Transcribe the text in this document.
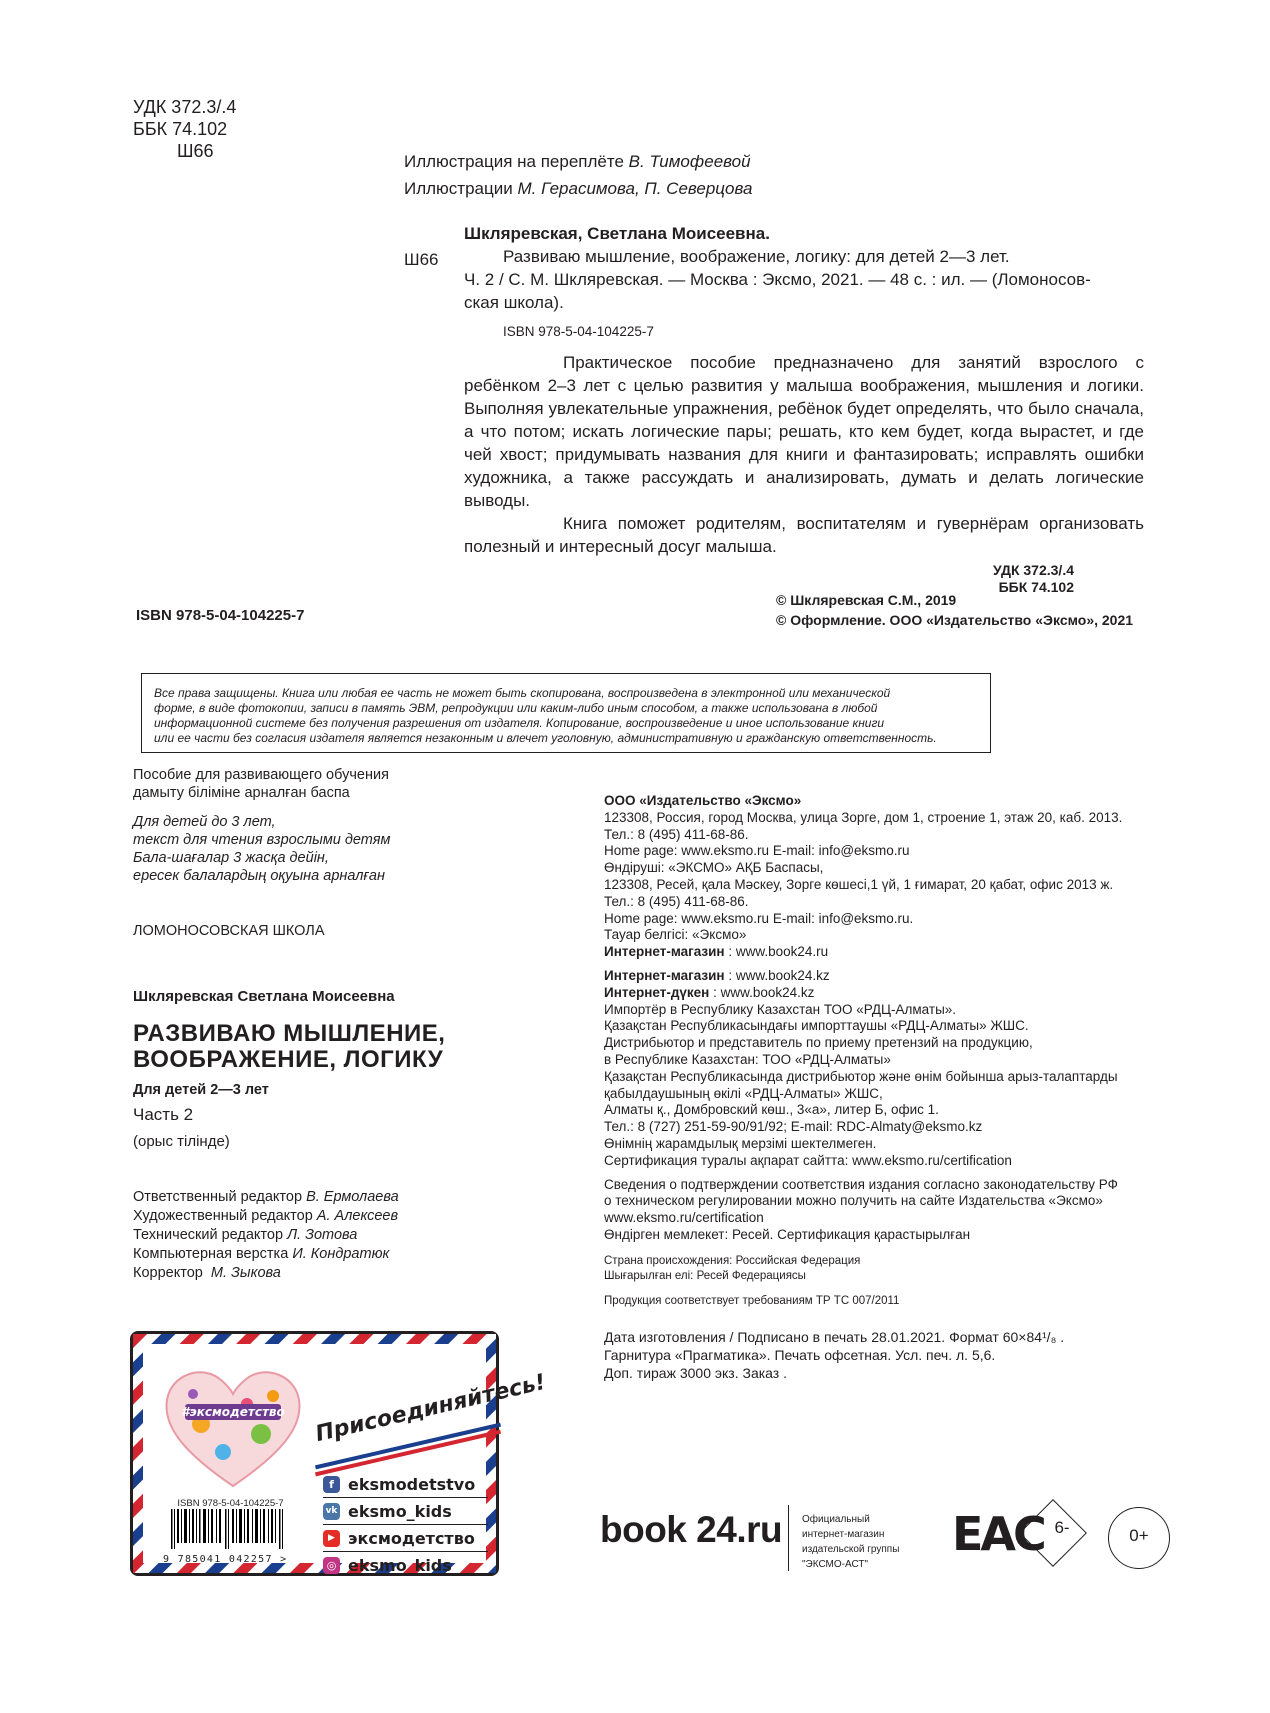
УДК 372.3/.4
ББК 74.102
Ш66
Иллюстрация на переплёте В. Тимофеевой
Иллюстрации М. Герасимова, П. Северцова
Шкляревская, Светлана Моисеевна.
Ш66	Развиваю мышление, воображение, логику: для детей 2—3 лет.
Ч. 2 / С. М. Шкляревская. — Москва : Эксмо, 2021. — 48 с. : ил. — (Ломоносов-
ская школа).
ISBN 978-5-04-104225-7

Практическое пособие предназначено для занятий взрослого с ребёнком 2–3 лет с целью развития у малыша воображения, мышления и логики. Выполняя увлекательные упражнения, ребёнок будет определять, что было сначала, а что потом; искать логические пары; решать, кто кем будет, когда вырастет, и где чей хвост; придумывать названия для книги и фантазировать; исправлять ошибки художника, а также рассуждать и анализировать, думать и делать логические выводы.

Книга поможет родителям, воспитателям и гувернёрам организовать полезный и интересный досуг малыша.

УДК 372.3/.4
ББК 74.102
ISBN 978-5-04-104225-7
© Шкляревская С.М., 2019
© Оформление. ООО «Издательство «Эксмо», 2021
Все права защищены. Книга или любая ее часть не может быть скопирована, воспроизведена в электронной или механической
форме, в виде фотокопии, записи в память ЭВМ, репродукции или каким-либо иным способом, а также использована в любой
информационной системе без получения разрешения от издателя. Копирование, воспроизведение и иное использование книги
или ее части без согласия издателя является незаконным и влечет уголовную, административную и гражданскую ответственность.
Пособие для развивающего обучения
дамыту біліміне арналған баспа
Для детей до 3 лет,
текст для чтения взрослыми детям
Бала-шағалар 3 жасқа дейін,
ересек балалардың оқуына арналған
ЛОМОНОСОВСКАЯ ШКОЛА
Шкляревская Светлана Моисеевна
РАЗВИВАЮ МЫШЛЕНИЕ,
ВООБРАЖЕНИЕ, ЛОГИКУ
Для детей 2—3 лет
Часть 2
(орыс тілінде)
Ответственный редактор В. Ермолаева
Художественный редактор А. Алексеев
Технический редактор Л. Зотова
Компьютерная верстка И. Кондратюк
Корректор М. Зыкова
ООО «Издательство «Эксмо»
123308, Россия, город Москва, улица Зорге, дом 1, строение 1, этаж 20, каб. 2013.
Тел.: 8 (495) 411-68-86.
Home page: www.eksmo.ru E-mail: info@eksmo.ru
Өндіруші: «ЭКСМО» АҚБ Баспасы,
123308, Ресей, қала Мәскеу, Зорге көшесі,1 үй, 1 ғимарат, 20 қабат, офис 2013 ж.
Тел.: 8 (495) 411-68-86.
Home page: www.eksmo.ru E-mail: info@eksmo.ru.
Тауар белгісі: «Эксмо»
Интернет-магазин : www.book24.ru
Интернет-магазин : www.book24.kz
Интернет-дүкен : www.book24.kz
Импортёр в Республику Казахстан ТОО «РДЦ-Алматы».
Қазақстан Республикасындағы импорттаушы «РДЦ-Алматы» ЖШС.
Дистрибьютор и представитель по приему претензий на продукцию,
в Республике Казахстан: ТОО «РДЦ-Алматы»
Қазақстан Республикасында дистрибьютор және өнім бойынша арыз-талаптарды
қабылдаушының өкілі «РДЦ-Алматы» ЖШС,
Алматы қ., Домбровский көш., 3«а», литер Б, офис 1.
Тел.: 8 (727) 251-59-90/91/92; E-mail: RDC-Almaty@eksmo.kz
Өнімнің жарамдылық мерзімі шектелмеген.
Сертификация туралы ақпарат сайтта: www.eksmo.ru/certification
Сведения о подтверждении соответствия издания согласно законодательству РФ
о техническом регулировании можно получить на сайте Издательства «Эксмо»
www.eksmo.ru/certification
Өндірген мемлекет: Ресей. Сертификация қарастырылған
Страна происхождения: Российская Федерация
Шығарылған елі: Ресей Федерациясы
Продукция соответствует требованиям ТР ТС 007/2011
Дата изготовления / Подписано в печать 28.01.2021. Формат 60×84¹/₈ .
Гарнитура «Прагматика». Печать офсетная. Усл. печ. л. 5,6.
Доп. тираж 3000 экз. Заказ .
#эксмодетство Присоединяйтесь!
f eksmodetstvo
vk eksmo_kids
▶ эксмодетство
◎ eksmo_kids
ISBN 978-5-04-104225-7
9 785041 042257 >
book 24.ru Официальный
интернет-магазин
издательской группы
"ЭКСМО-АСТ"
EAC 6-	0+
